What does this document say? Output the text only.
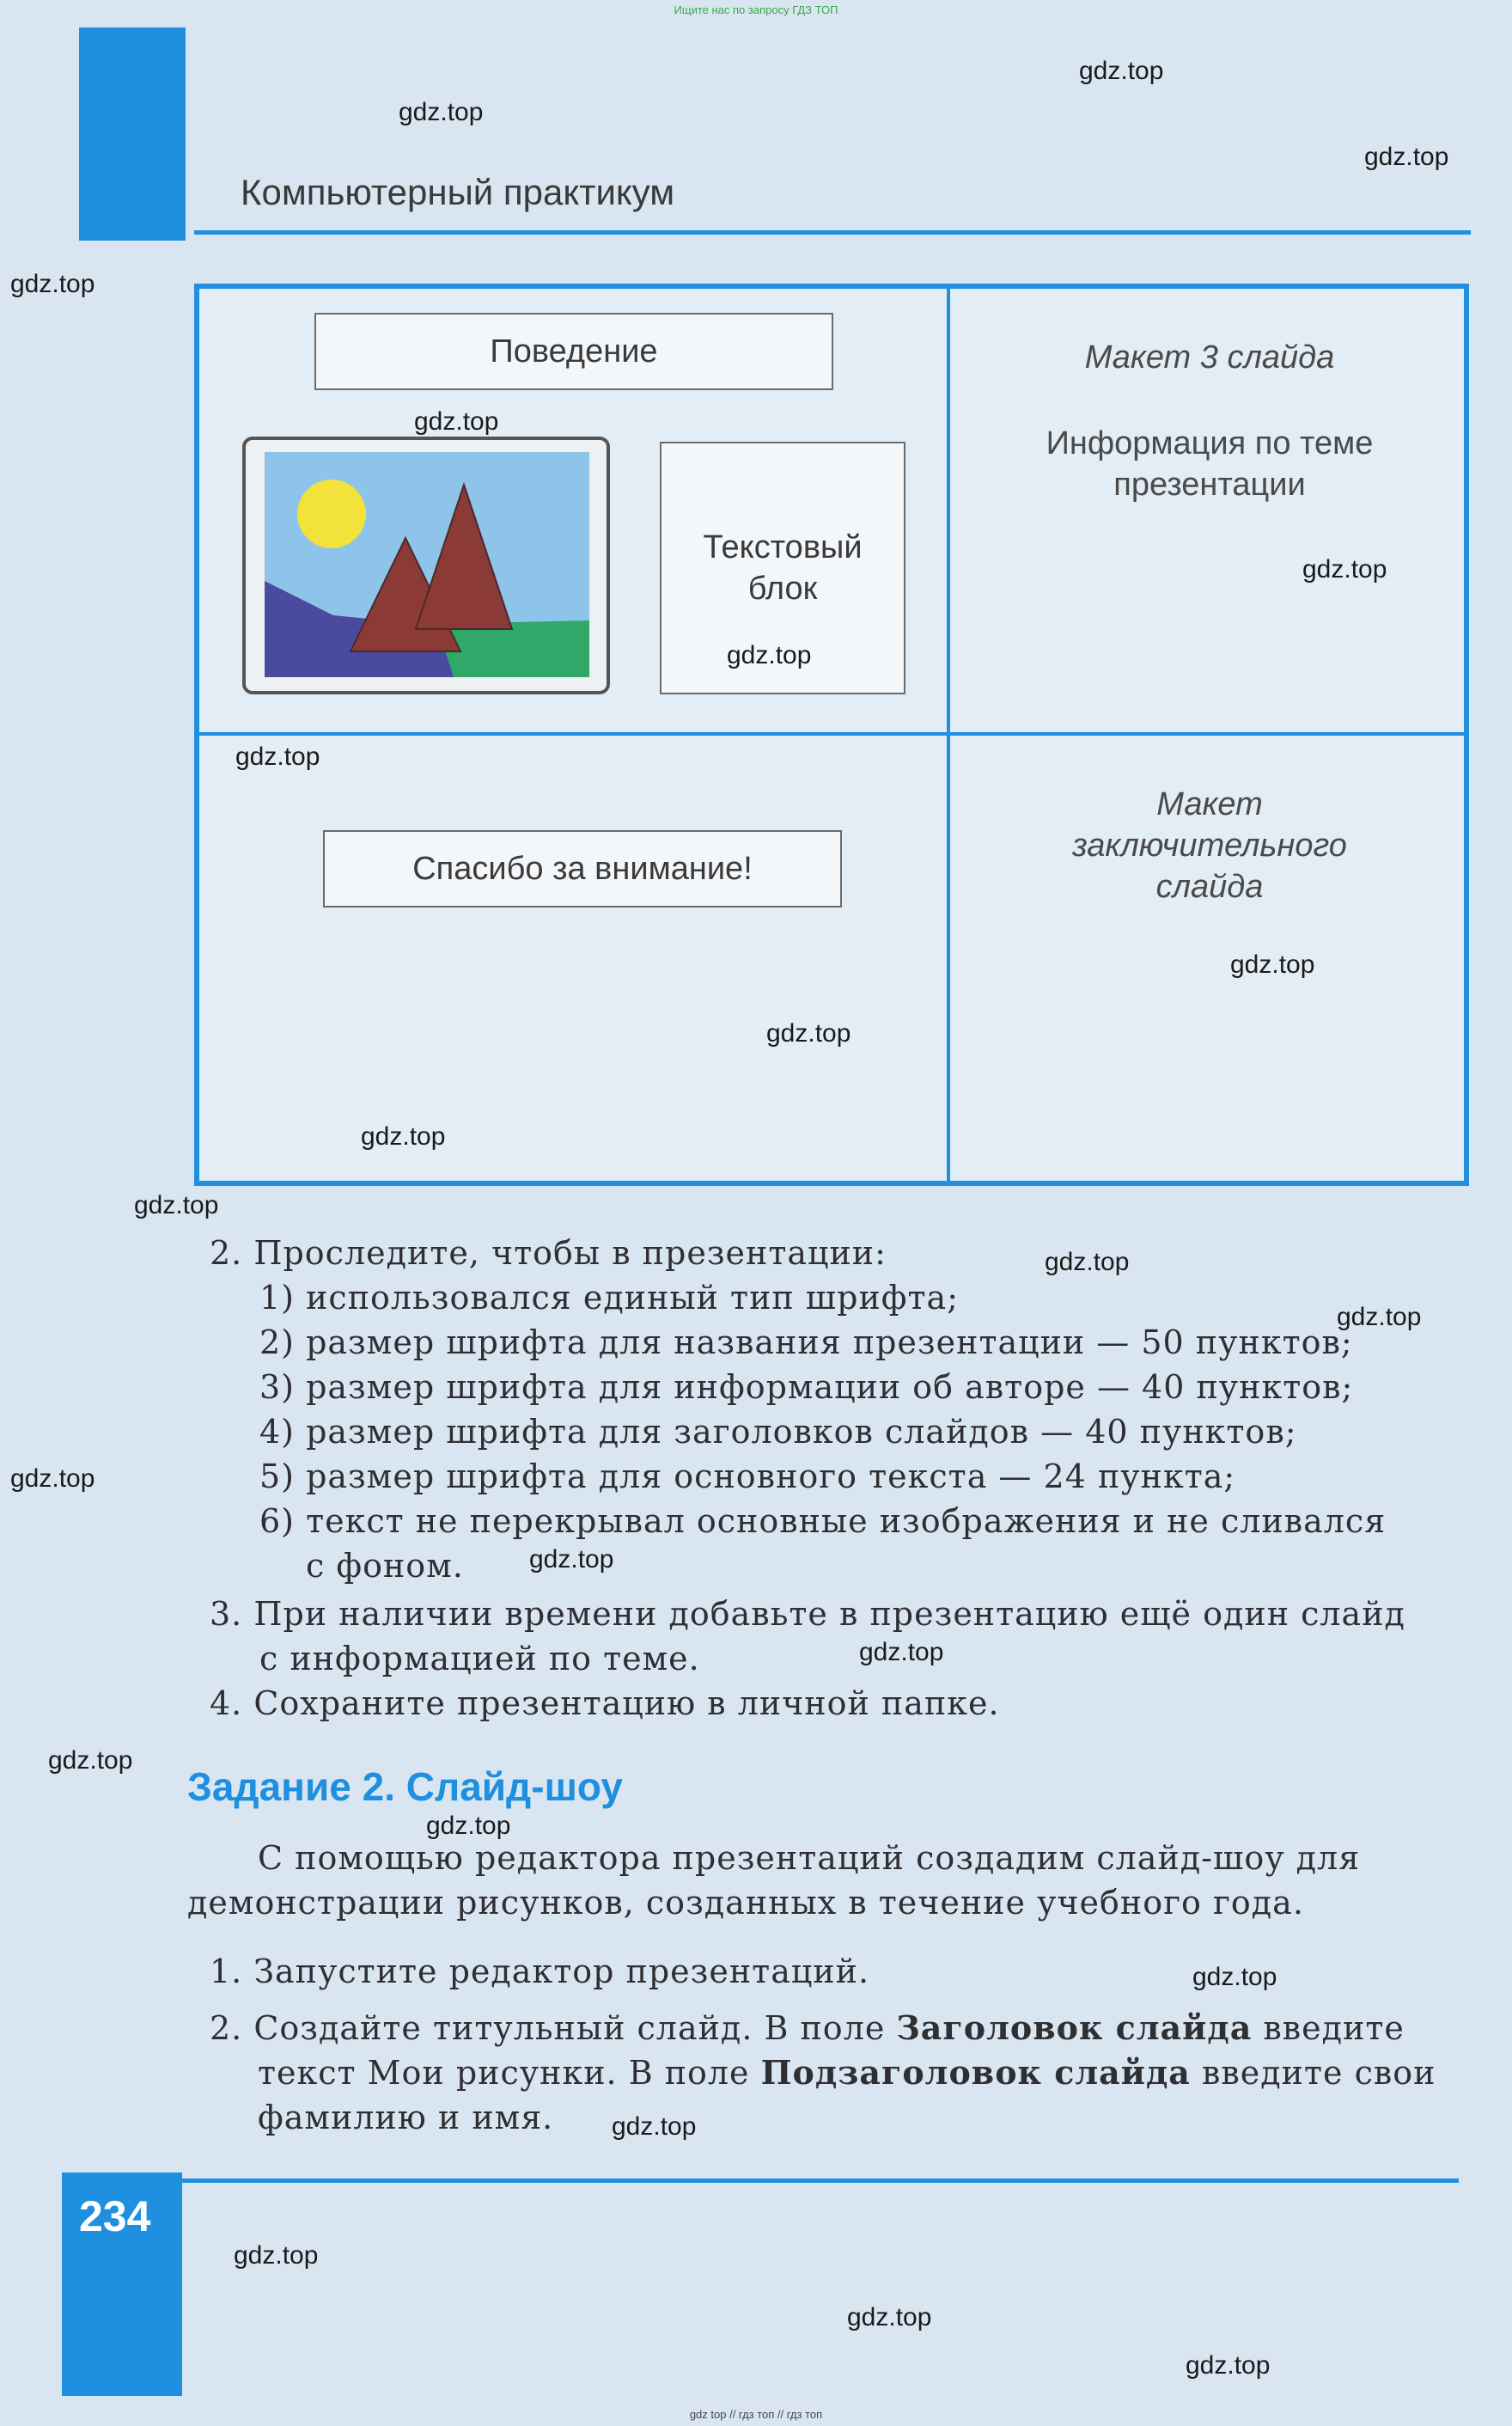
Ищите нас по запросу ГДЗ ТОП
Компьютерный практикум
Поведение
Текстовый блок
Макет 3 слайда
Информация по теме
презентации
Спасибо за внимание!
Макет
заключительного
слайда
2. Проследите, чтобы в презентации:
1) использовался единый тип шрифта;
2) размер шрифта для названия презентации — 50 пунктов;
3) размер шрифта для информации об авторе — 40 пунктов;
4) размер шрифта для заголовков слайдов — 40 пунктов;
5) размер шрифта для основного текста — 24 пункта;
6) текст не перекрывал основные изображения и не сливался
с фоном.
3. При наличии времени добавьте в презентацию ещё один слайд
с информацией по теме.
4. Сохраните презентацию в личной папке.
Задание 2. Слайд-шоу
С помощью редактора презентаций создадим слайд-шоу для
демонстрации рисунков, созданных в течение учебного года.
1. Запустите редактор презентаций.
2. Создайте титульный слайд. В поле Заголовок слайда введите
текст Мои рисунки. В поле Подзаголовок слайда введите свои
фамилию и имя.
234
gdz.top
gdz.top
gdz.top
gdz.top
gdz.top
gdz.top
gdz.top
gdz.top
gdz.top
gdz.top
gdz.top
gdz.top
gdz.top
gdz.top
gdz.top
gdz.top
gdz.top
gdz.top
gdz.top
gdz.top
gdz.top
gdz.top
gdz.top
gdz.top
gdz top // гдз топ // гдз топ
